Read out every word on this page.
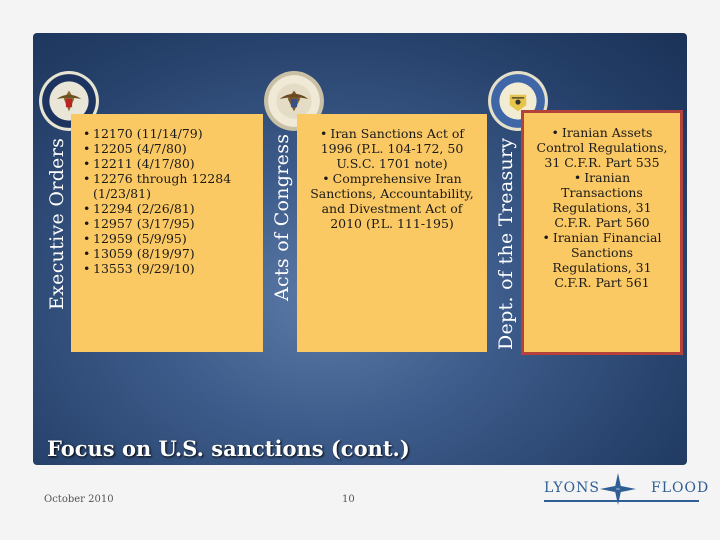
Executive Orders	Acts of Congress	Dept. of the Treasury
• 12170 (11/14/79)
• 12205 (4/7/80)
• 12211 (4/17/80)
• 12276 through 12284 (1/23/81)
• 12294 (2/26/81)
• 12957 (3/17/95)
• 12959 (5/9/95)
• 13059 (8/19/97)
• 13553 (9/29/10)
• Iran Sanctions Act of 1996 (P.L. 104-172, 50 U.S.C. 1701 note)
• Comprehensive Iran Sanctions, Accountability, and Divestment Act of 2010 (P.L. 111-195)
• Iranian Assets Control Regulations, 31 C.F.R. Part 535
• Iranian Transactions Regulations, 31 C.F.R. Part 560
• Iranian Financial Sanctions Regulations, 31 C.F.R. Part 561
Focus on U.S. sanctions (cont.)
October 2010	10
LYONS	FLOOD
